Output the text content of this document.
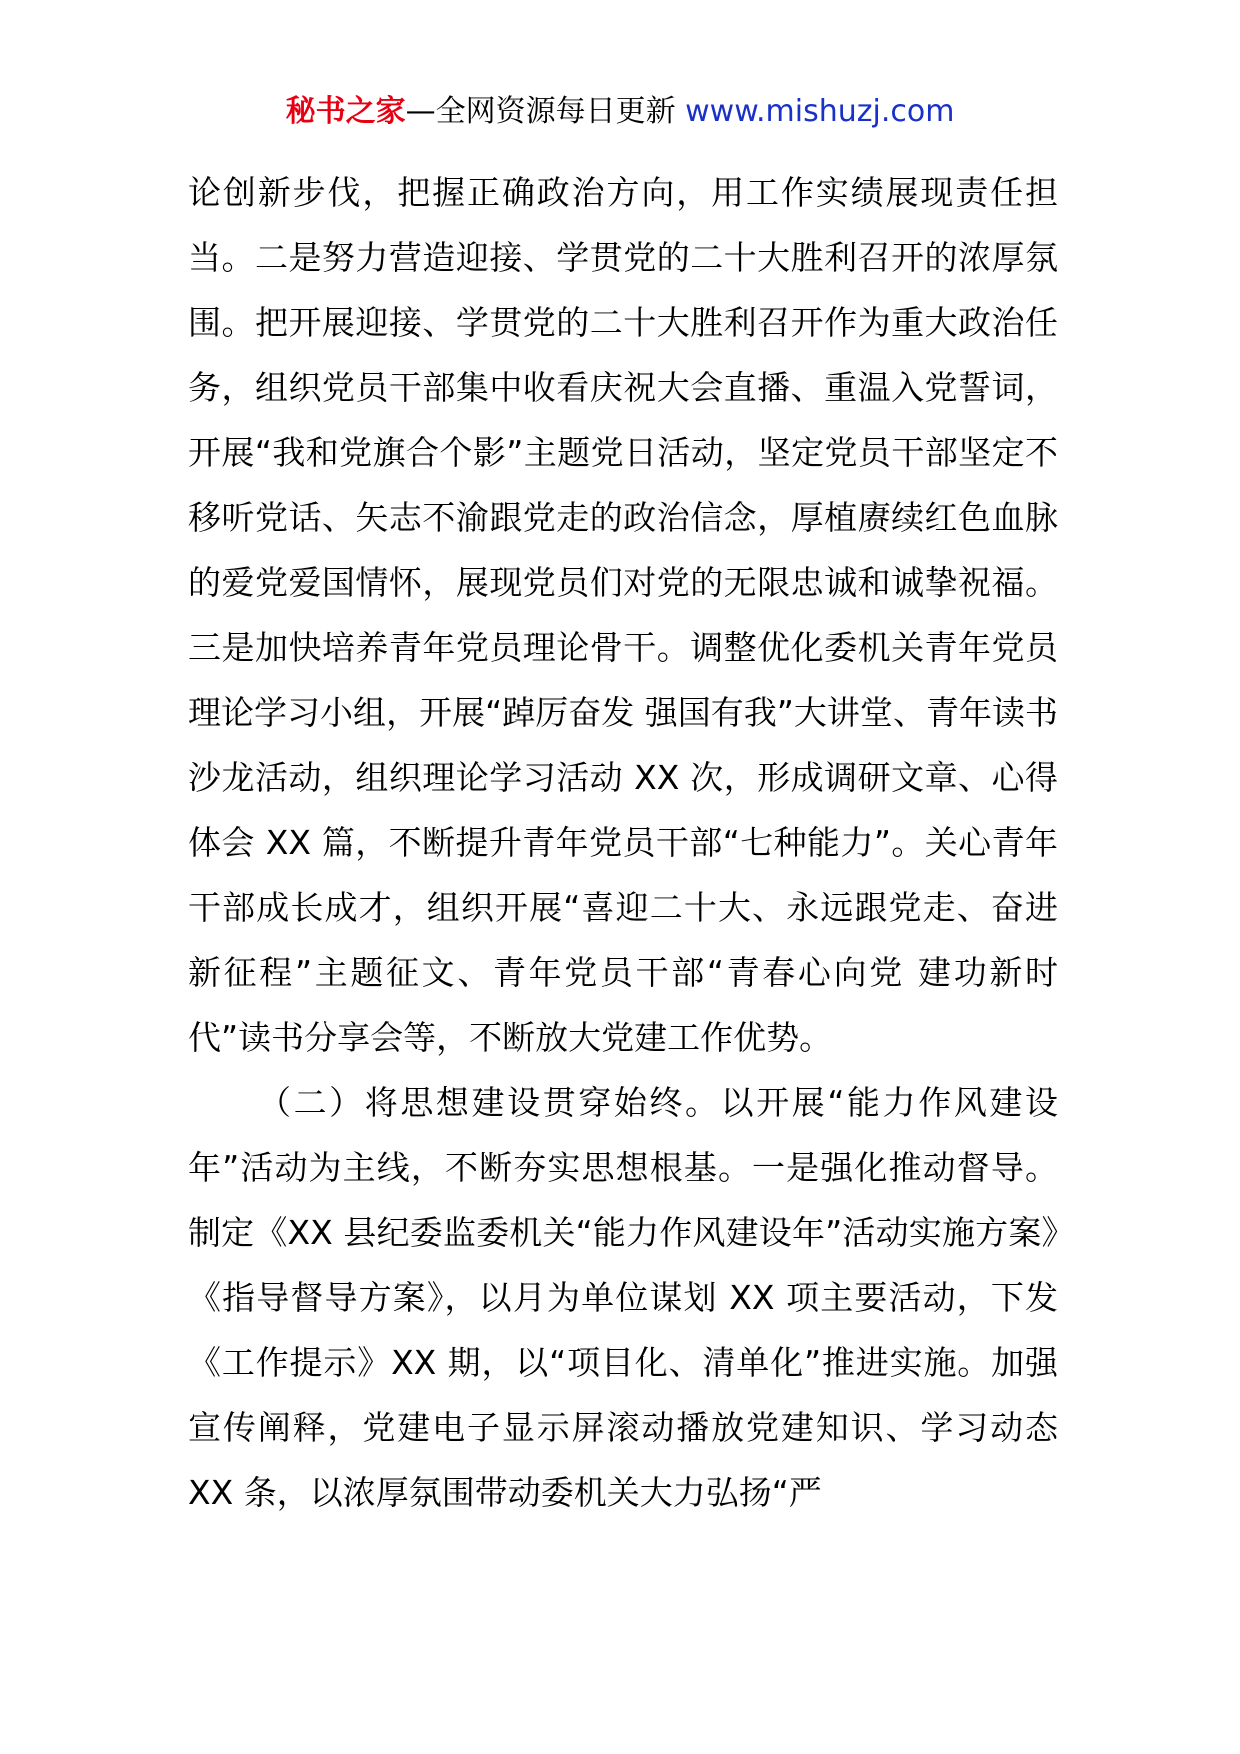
秘书之家—全网资源每日更新 www.mishuzj.com

论创新步伐，把握正确政治方向，用工作实绩展现责任担当。二是努力营造迎接、学贯党的二十大胜利召开的浓厚氛围。把开展迎接、学贯党的二十大胜利召开作为重大政治任务，组织党员干部集中收看庆祝大会直播、重温入党誓词，开展“我和党旗合个影”主题党日活动，坚定党员干部坚定不移听党话、矢志不渝跟党走的政治信念，厚植赓续红色血脉的爱党爱国情怀，展现党员们对党的无限忠诚和诚挚祝福。三是加快培养青年党员理论骨干。调整优化委机关青年党员理论学习小组，开展“踔厉奋发 强国有我”大讲堂、青年读书沙龙活动，组织理论学习活动 XX 次，形成调研文章、心得体会 XX 篇，不断提升青年党员干部“七种能力”。关心青年干部成长成才，组织开展“喜迎二十大、永远跟党走、奋进新征程”主题征文、青年党员干部“青春心向党 建功新时代”读书分享会等，不断放大党建工作优势。

（二）将思想建设贯穿始终。以开展“能力作风建设年”活动为主线，不断夯实思想根基。一是强化推动督导。制定《XX 县纪委监委机关“能力作风建设年”活动实施方案》《指导督导方案》，以月为单位谋划 XX 项主要活动，下发《工作提示》XX 期，以“项目化、清单化”推进实施。加强宣传阐释，党建电子显示屏滚动播放党建知识、学习动态 XX 条，以浓厚氛围带动委机关大力弘扬“严
